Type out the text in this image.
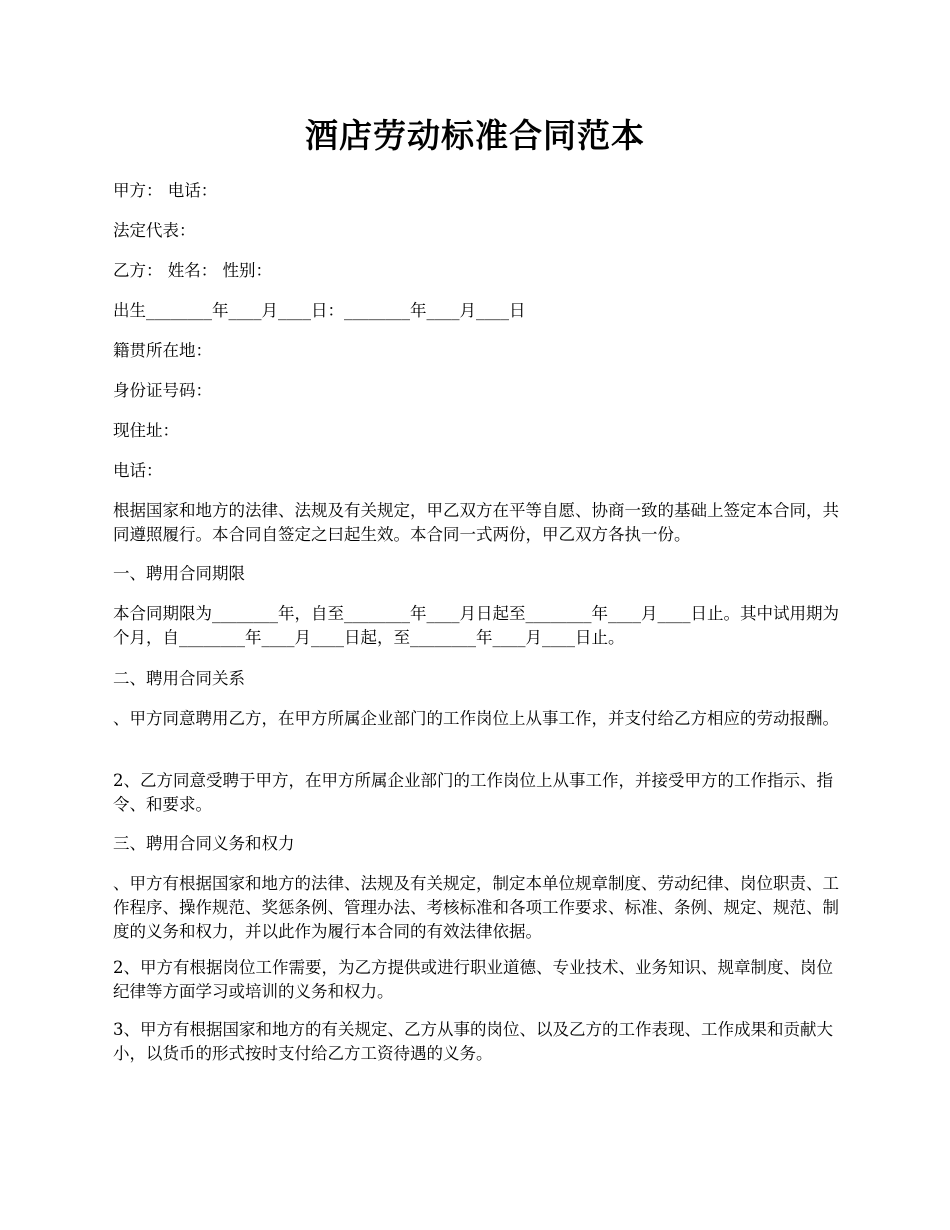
酒店劳动标准合同范本

甲方： 电话：

法定代表：

乙方： 姓名： 性别：

出生________年____月____日：________年____月____日

籍贯所在地：

身份证号码：

现住址：

电话：

根据国家和地方的法律、法规及有关规定，甲乙双方在平等自愿、协商一致的基础上签定本合同，共同遵照履行。本合同自签定之曰起生效。本合同一式两份，甲乙双方各执一份。

一、聘用合同期限

本合同期限为________年，自至________年____月日起至________年____月____日止。其中试用期为 个月，自________年____月____日起，至________年____月____日止。

二、聘用合同关系

、甲方同意聘用乙方，在甲方所属企业部门的工作岗位上从事工作，并支付给乙方相应的劳动报酬。

2、乙方同意受聘于甲方，在甲方所属企业部门的工作岗位上从事工作，并接受甲方的工作指示、指令、和要求。

三、聘用合同义务和权力

、甲方有根据国家和地方的法律、法规及有关规定，制定本单位规章制度、劳动纪律、岗位职责、工作程序、操作规范、奖惩条例、管理办法、考核标准和各项工作要求、标准、条例、规定、规范、制度的义务和权力，并以此作为履行本合同的有效法律依据。

2、甲方有根据岗位工作需要，为乙方提供或进行职业道德、专业技术、业务知识、规章制度、岗位纪律等方面学习或培训的义务和权力。

3、甲方有根据国家和地方的有关规定、乙方从事的岗位、以及乙方的工作表现、工作成果和贡献大小，以货币的形式按时支付给乙方工资待遇的义务。
